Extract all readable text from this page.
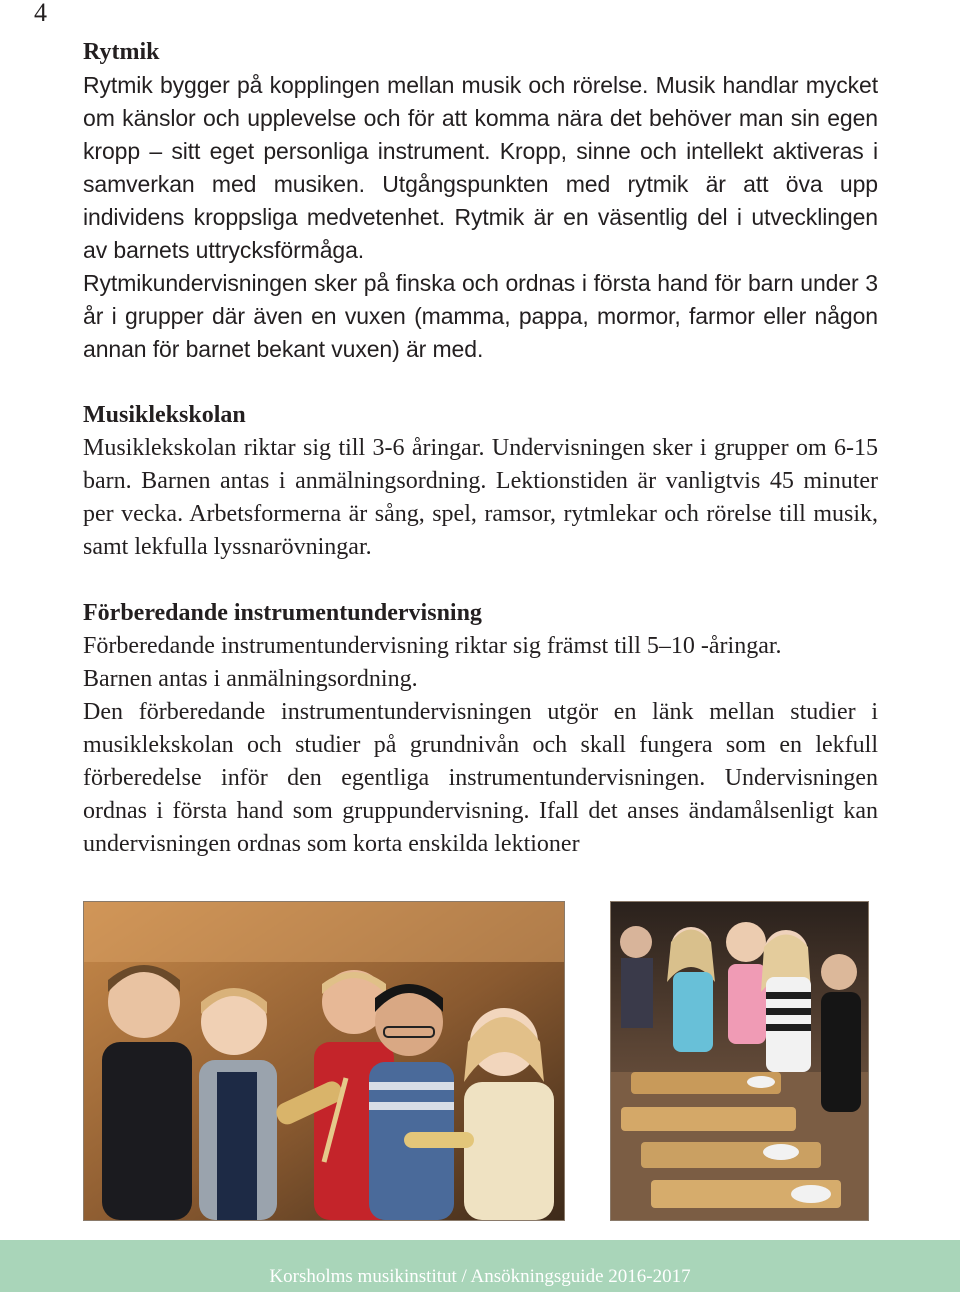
4
Rytmik

Rytmik bygger på kopplingen mellan musik och rörelse. Musik handlar mycket om känslor och upplevelse och för att komma nära det behöver man sin egen kropp – sitt eget personliga instrument. Kropp, sinne och intellekt aktiveras i samverkan med musiken. Utgångspunkten med rytmik är att öva upp individens kroppsliga medvetenhet. Rytmik är en väsentlig del i utvecklingen av barnets uttrycksförmåga.

Rytmikundervisningen sker på finska och ordnas i första hand för barn under 3 år i grupper där även en vuxen (mamma, pappa, mormor, farmor eller någon annan för barnet bekant vuxen) är med.

Musiklekskolan

Musiklekskolan riktar sig till 3-6 åringar. Undervisningen sker i grupper om 6-15 barn. Barnen antas i anmälningsordning. Lektionstiden är vanligtvis 45 minuter per vecka. Arbetsformerna är sång, spel, ramsor, rytmlekar och rörelse till musik, samt lekfulla lyssnarövningar.

Förberedande instrumentundervisning

Förberedande instrumentundervisning riktar sig främst till 5–10 -åringar.

Barnen antas i anmälningsordning.

Den förberedande instrumentundervisningen utgör en länk mellan studier i musiklekskolan och studier på grundnivån och skall fungera som en lekfull förberedelse inför den egentliga instrumentundervisningen. Undervisningen ordnas i första hand som gruppundervisning. Ifall det anses ändamålsenligt kan undervisningen ordnas som korta enskilda lektioner

Korsholms musikinstitut / Ansökningsguide 2016-2017
